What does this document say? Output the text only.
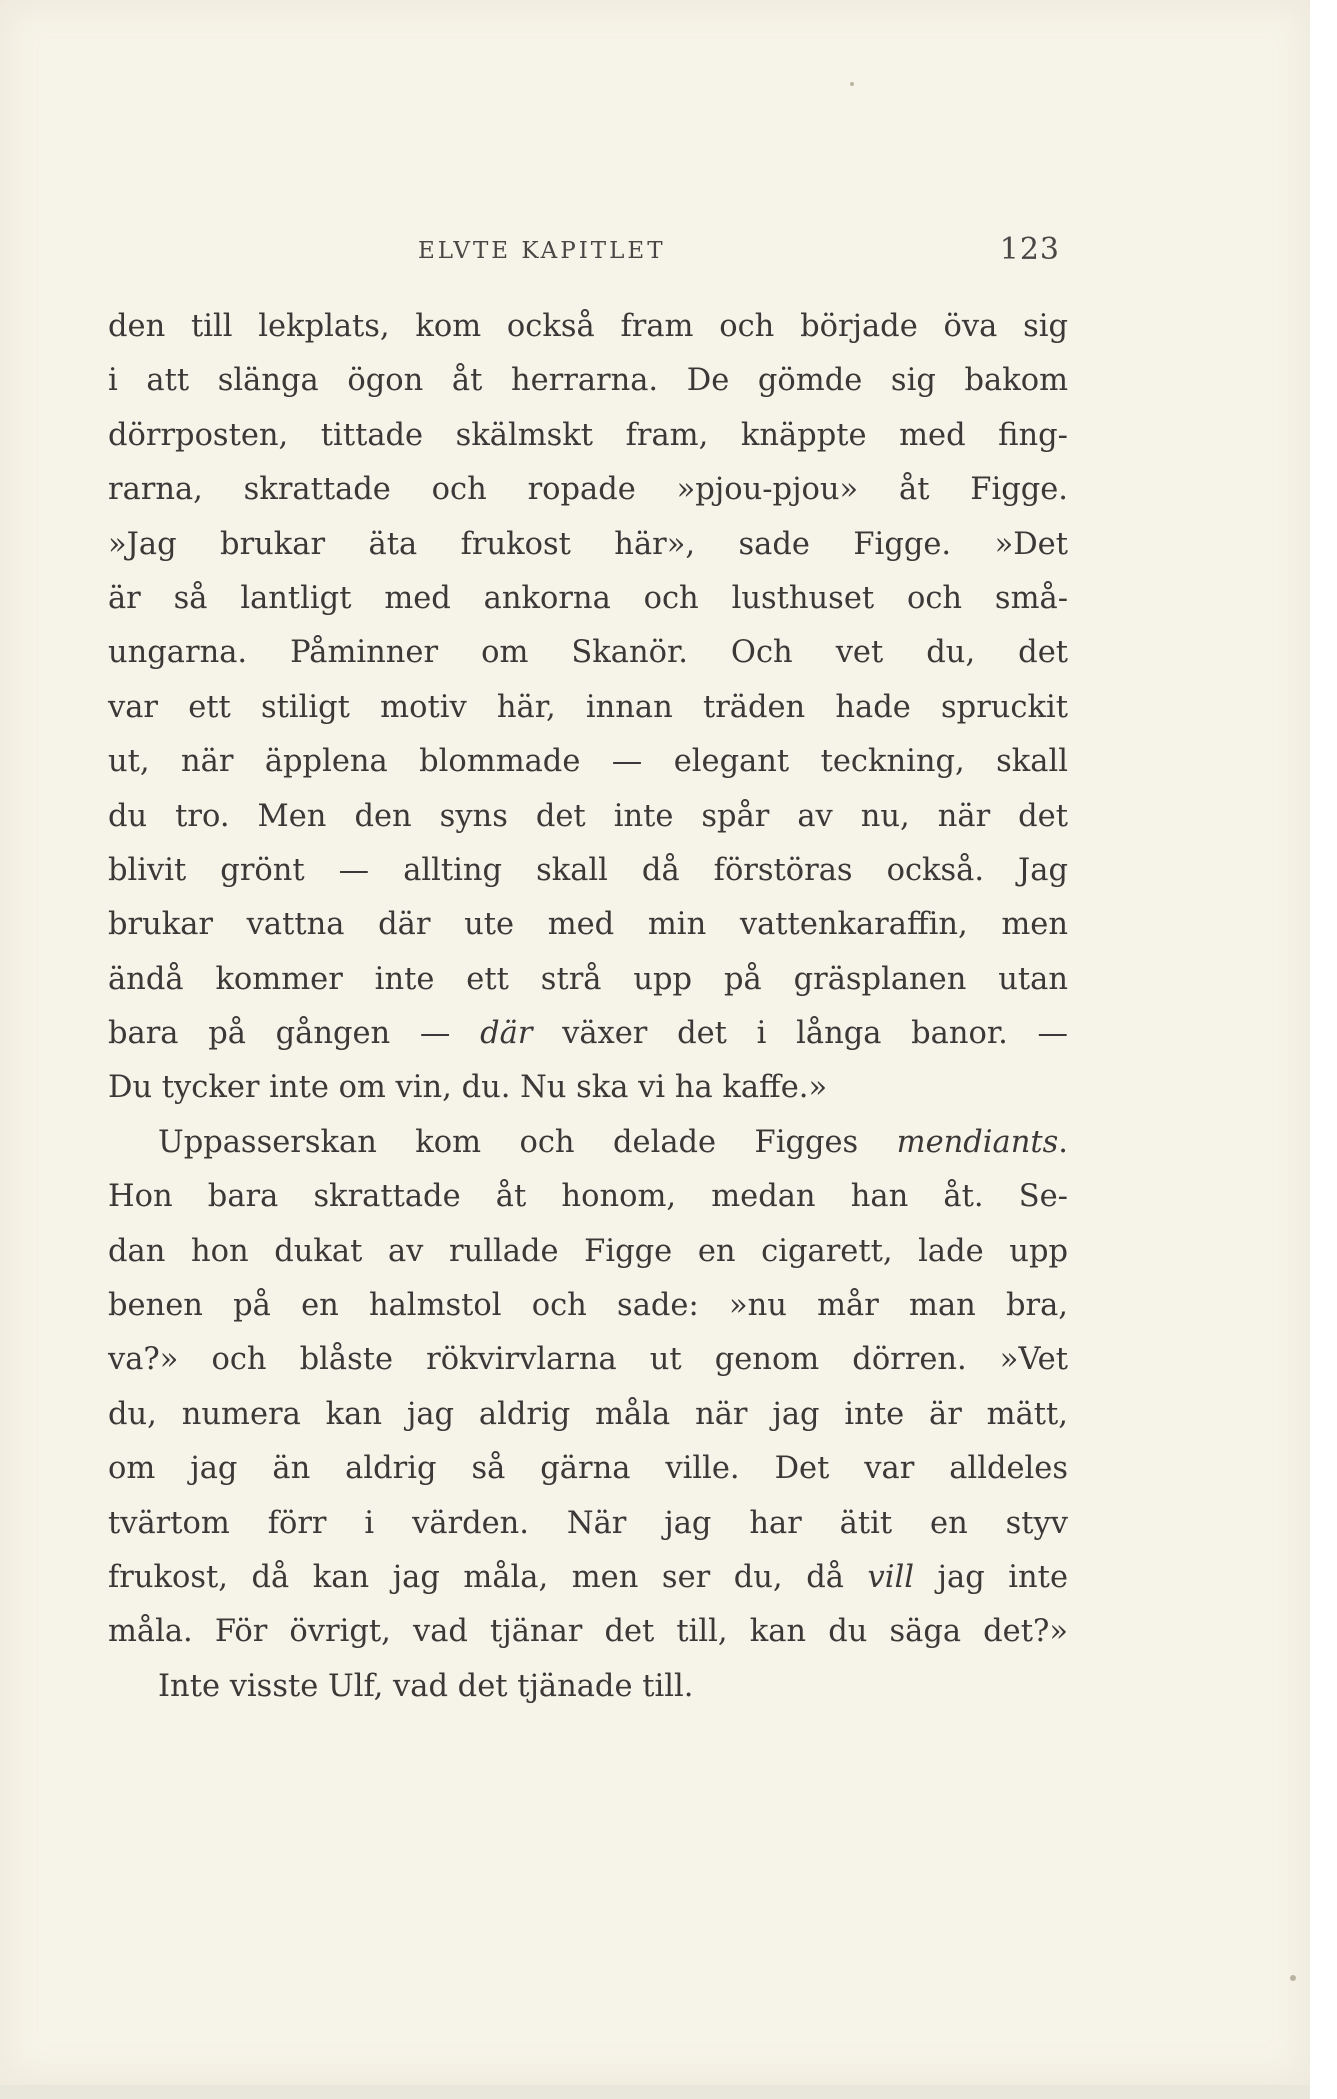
ELVTE KAPITLET	123
den till lekplats, kom också fram och började öva sig
i att slänga ögon åt herrarna. De gömde sig bakom
dörrposten, tittade skälmskt fram, knäppte med fing-
rarna, skrattade och ropade »pjou-pjou» åt Figge.
»Jag brukar äta frukost här», sade Figge. »Det
är så lantligt med ankorna och lusthuset och små-
ungarna. Påminner om Skanör. Och vet du, det
var ett stiligt motiv här, innan träden hade spruckit
ut, när äpplena blommade — elegant teckning, skall
du tro. Men den syns det inte spår av nu, när det
blivit grönt — allting skall då förstöras också. Jag
brukar vattna där ute med min vattenkaraffin, men
ändå kommer inte ett strå upp på gräsplanen utan
bara på gången — där växer det i långa banor. —
Du tycker inte om vin, du. Nu ska vi ha kaffe.»
Uppasserskan kom och delade Figges mendiants.
Hon bara skrattade åt honom, medan han åt. Se-
dan hon dukat av rullade Figge en cigarett, lade upp
benen på en halmstol och sade: »nu mår man bra,
va?» och blåste rökvirvlarna ut genom dörren. »Vet
du, numera kan jag aldrig måla när jag inte är mätt,
om jag än aldrig så gärna ville. Det var alldeles
tvärtom förr i värden. När jag har ätit en styv
frukost, då kan jag måla, men ser du, då vill jag inte
måla. För övrigt, vad tjänar det till, kan du säga det?»
Inte visste Ulf, vad det tjänade till.
